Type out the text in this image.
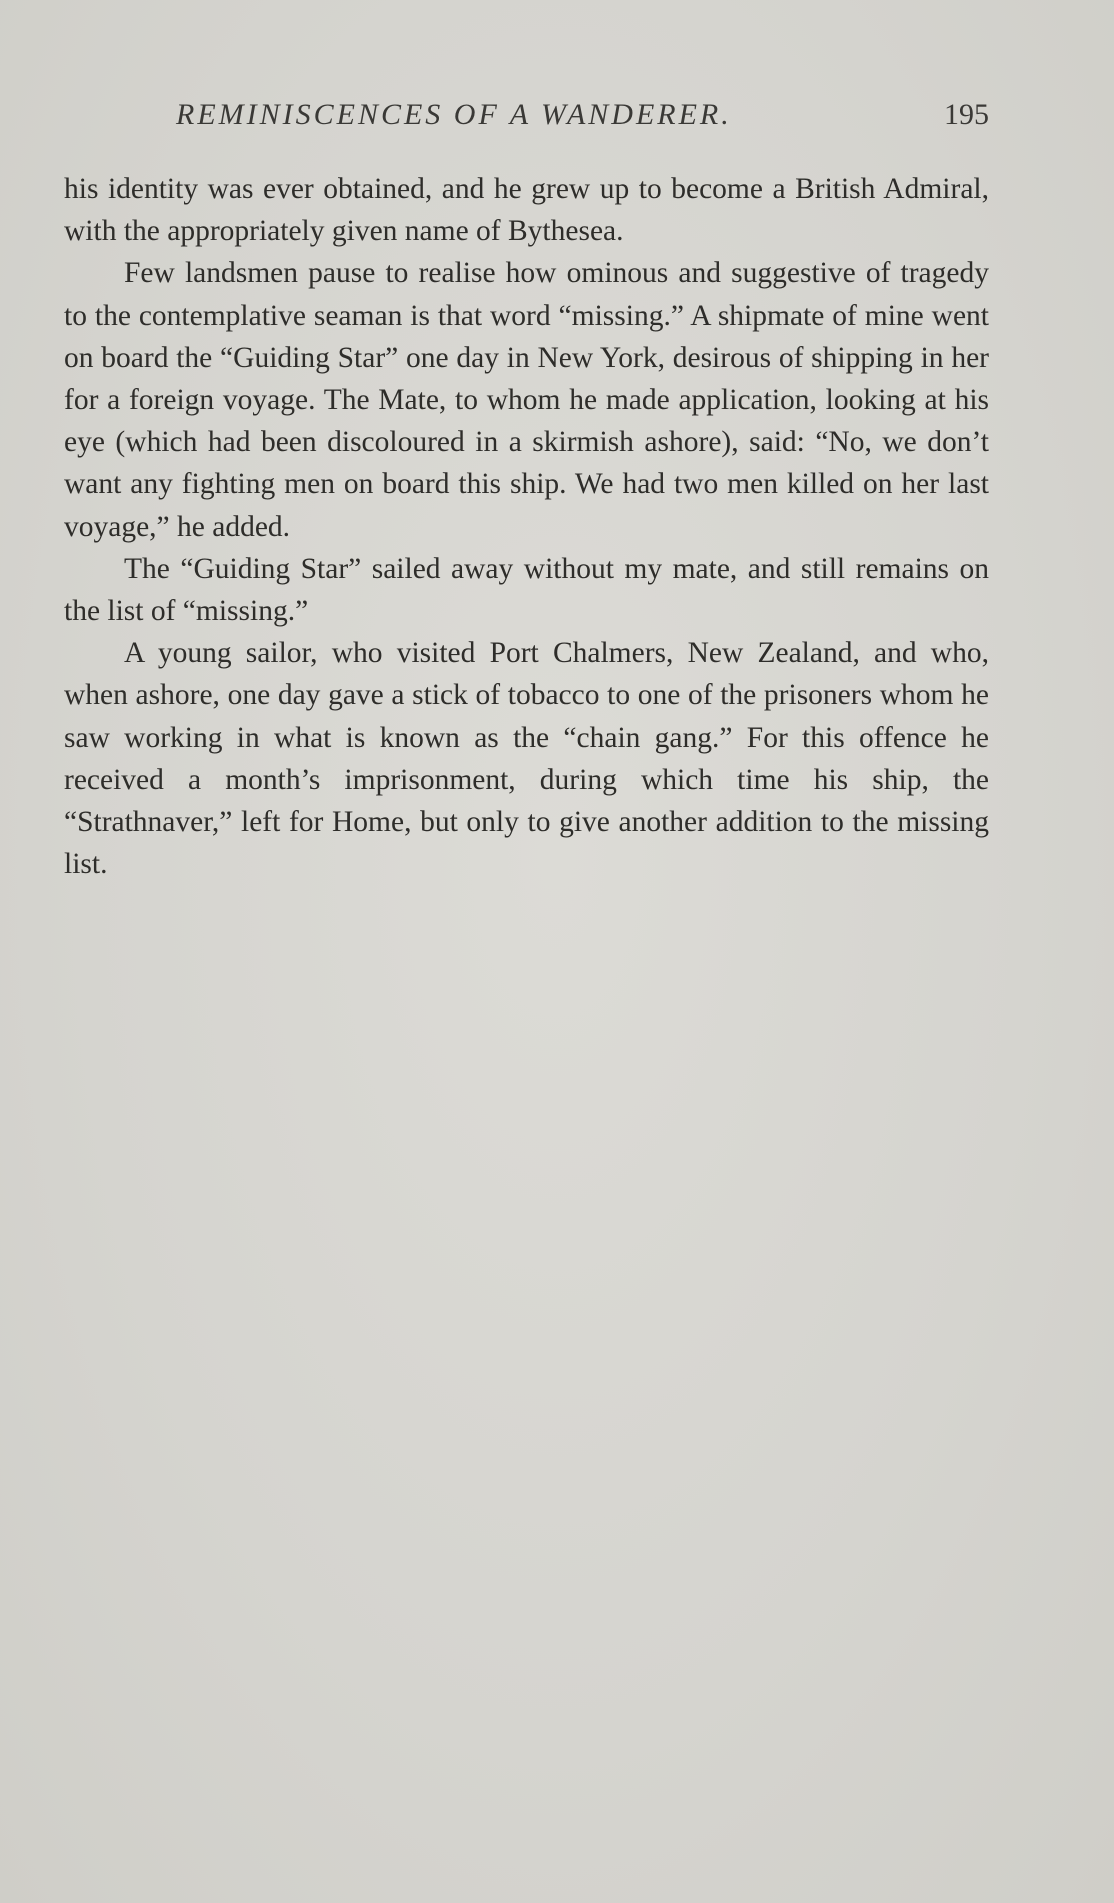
REMINISCENCES OF A WANDERER.	195

his identity was ever obtained, and he grew up to become a British Admiral, with the appropriately given name of Bythesea.

Few landsmen pause to realise how ominous and suggestive of tragedy to the contemplative seaman is that word “missing.” A shipmate of mine went on board the “Guiding Star” one day in New York, desirous of shipping in her for a foreign voyage. The Mate, to whom he made application, looking at his eye (which had been discoloured in a skirmish ashore), said: “No, we don’t want any fighting men on board this ship. We had two men killed on her last voyage,” he added.

The “Guiding Star” sailed away without my mate, and still remains on the list of “missing.”

A young sailor, who visited Port Chalmers, New Zealand, and who, when ashore, one day gave a stick of tobacco to one of the prisoners whom he saw working in what is known as the “chain gang.” For this offence he received a month’s imprisonment, during which time his ship, the “Strathnaver,” left for Home, but only to give another addition to the missing list.
